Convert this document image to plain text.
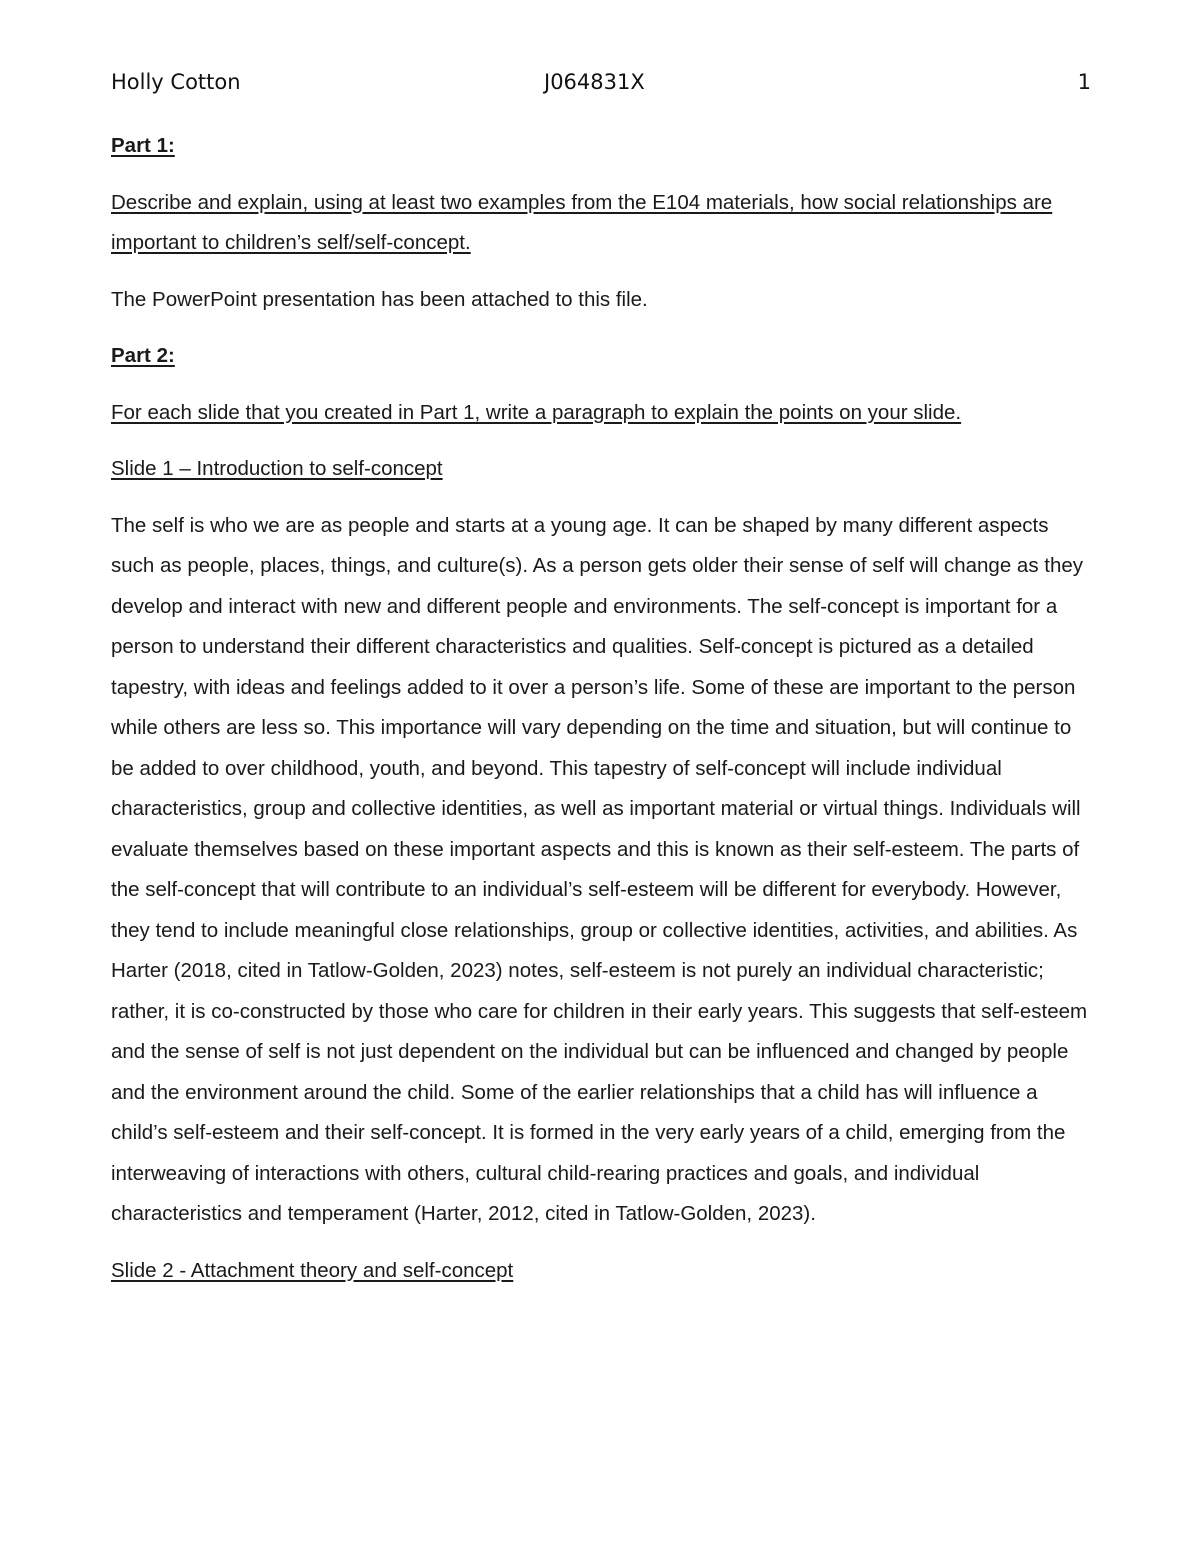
Holly Cotton	J064831X	1

Part 1:

Describe and explain, using at least two examples from the E104 materials, how social relationships are important to children’s self/self-concept.

The PowerPoint presentation has been attached to this file.

Part 2:

For each slide that you created in Part 1, write a paragraph to explain the points on your slide.

Slide 1 – Introduction to self-concept

The self is who we are as people and starts at a young age. It can be shaped by many different aspects such as people, places, things, and culture(s). As a person gets older their sense of self will change as they develop and interact with new and different people and environments. The self-concept is important for a person to understand their different characteristics and qualities. Self-concept is pictured as a detailed tapestry, with ideas and feelings added to it over a person’s life. Some of these are important to the person while others are less so. This importance will vary depending on the time and situation, but will continue to be added to over childhood, youth, and beyond. This tapestry of self-concept will include individual characteristics, group and collective identities, as well as important material or virtual things. Individuals will evaluate themselves based on these important aspects and this is known as their self-esteem. The parts of the self-concept that will contribute to an individual’s self-esteem will be different for everybody. However, they tend to include meaningful close relationships, group or collective identities, activities, and abilities. As Harter (2018, cited in Tatlow-Golden, 2023) notes, self-esteem is not purely an individual characteristic; rather, it is co-constructed by those who care for children in their early years. This suggests that self-esteem and the sense of self is not just dependent on the individual but can be influenced and changed by people and the environment around the child. Some of the earlier relationships that a child has will influence a child’s self-esteem and their self-concept. It is formed in the very early years of a child, emerging from the interweaving of interactions with others, cultural child-rearing practices and goals, and individual characteristics and temperament (Harter, 2012, cited in Tatlow-Golden, 2023).

Slide 2 - Attachment theory and self-concept
